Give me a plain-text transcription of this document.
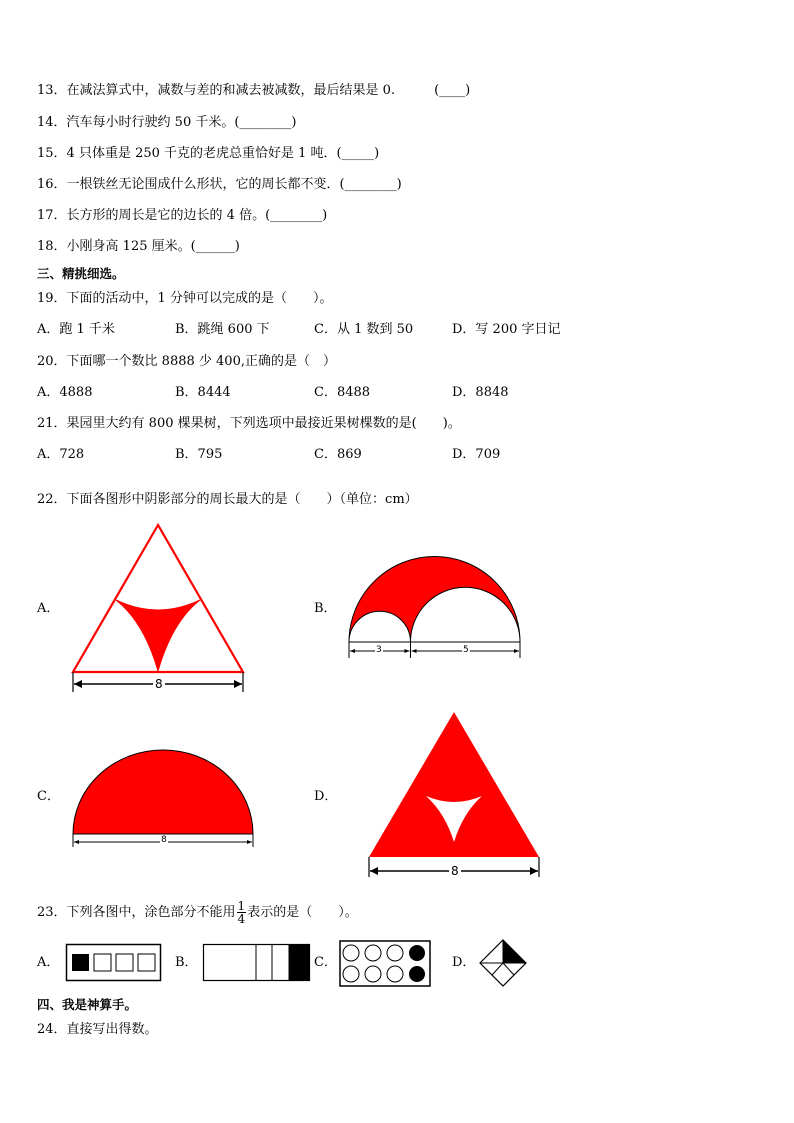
13．在减法算式中，减数与差的和减去被减数，最后结果是 0.　　　(____)
14．汽车每小时行驶约 50 千米。(________)
15．4 只体重是 250 千克的老虎总重恰好是 1 吨．(_____)
16．一根铁丝无论围成什么形状，它的周长都不变．(________)
17．长方形的周长是它的边长的 4 倍。(________)
18．小刚身高 125 厘米。(______)
三、精挑细选。
19．下面的活动中，1 分钟可以完成的是（　　）。
A．跑 1 千米	B．跳绳 600 下	C．从 1 数到 50	D．写 200 字日记
20．下面哪一个数比 8888 少 400,正确的是（　）
A．4888	B．8444	C．8488	D．8848
21．果园里大约有 800 棵果树，下列选项中最接近果树棵数的是(　　)。
A．728	B．795	C．869	D．709
22．下面各图形中阴影部分的周长最大的是（　　）（单位：cm）
A．
8
B．
3	5
C．
8
D．
8
23．下列各图中，涂色部分不能用 $\frac{1}{4}$ 表示的是（　　）。
A．	B．	C．	D．
四、我是神算手。
24．直接写出得数。
